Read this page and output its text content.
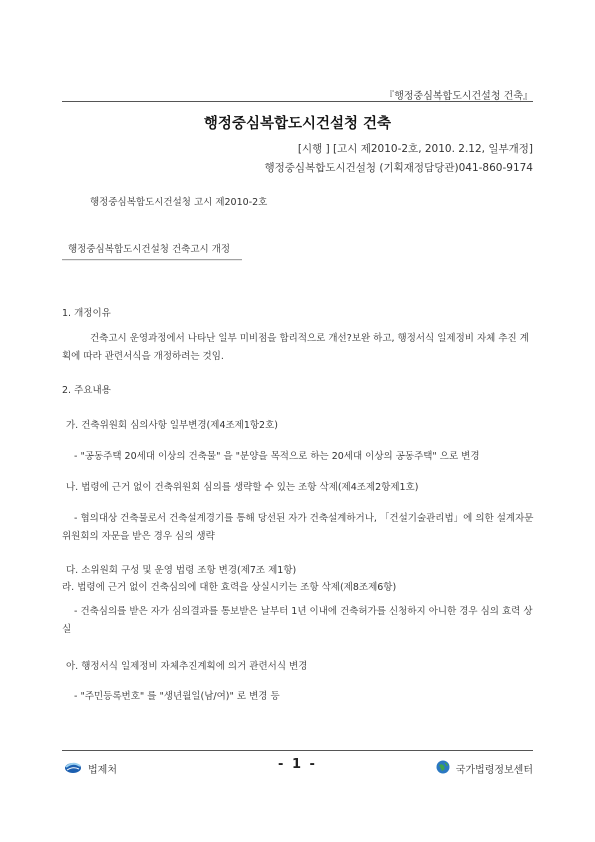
『행정중심복합도시건설청 건축』
행정중심복합도시건설청 건축
[시행 ] [고시 제2010-2호, 2010. 2.12, 일부개정]
행정중심복합도시건설청 (기획재정담당관)041-860-9174
행정중심복합도시건설청 고시 제2010-2호
행정중심복합도시건설청 건축고시 개정
――――――――――――――――――――
1. 개정이유
건축고시 운영과정에서 나타난 일부 미비점을 합리적으로 개선?보완 하고, 행정서식 일제정비 자체 추진 계획에 따라 관련서식을 개정하려는 것임.
2. 주요내용
가. 건축위원회 심의사항 일부변경(제4조제1항2호)
- "공동주택 20세대 이상의 건축물" 을 "분양을 목적으로 하는 20세대 이상의 공동주택" 으로 변경
나. 법령에 근거 없이 건축위원회 심의를 생략할 수 있는 조항 삭제(제4조제2항제1호)
- 협의대상 건축물로서 건축설계경기를 통해 당선된 자가 건축설계하거나, 「건설기술관리법」에 의한 설계자문위원회의 자문을 받은 경우 심의 생략
다. 소위원회 구성 및 운영 법령 조항 변경(제7조 제1항)
라. 법령에 근거 없이 건축심의에 대한 효력을 상실시키는 조항 삭제(제8조제6항)
- 건축심의를 받은 자가 심의결과를 통보받은 날부터 1년 이내에 건축허가를 신청하지 아니한 경우 심의 효력 상실
아. 행정서식 일제정비 자체추진계획에 의거 관련서식 변경
- "주민등록번호" 를 "생년월일(남/여)" 로 변경 등
법제처	- 1 -	국가법령정보센터
